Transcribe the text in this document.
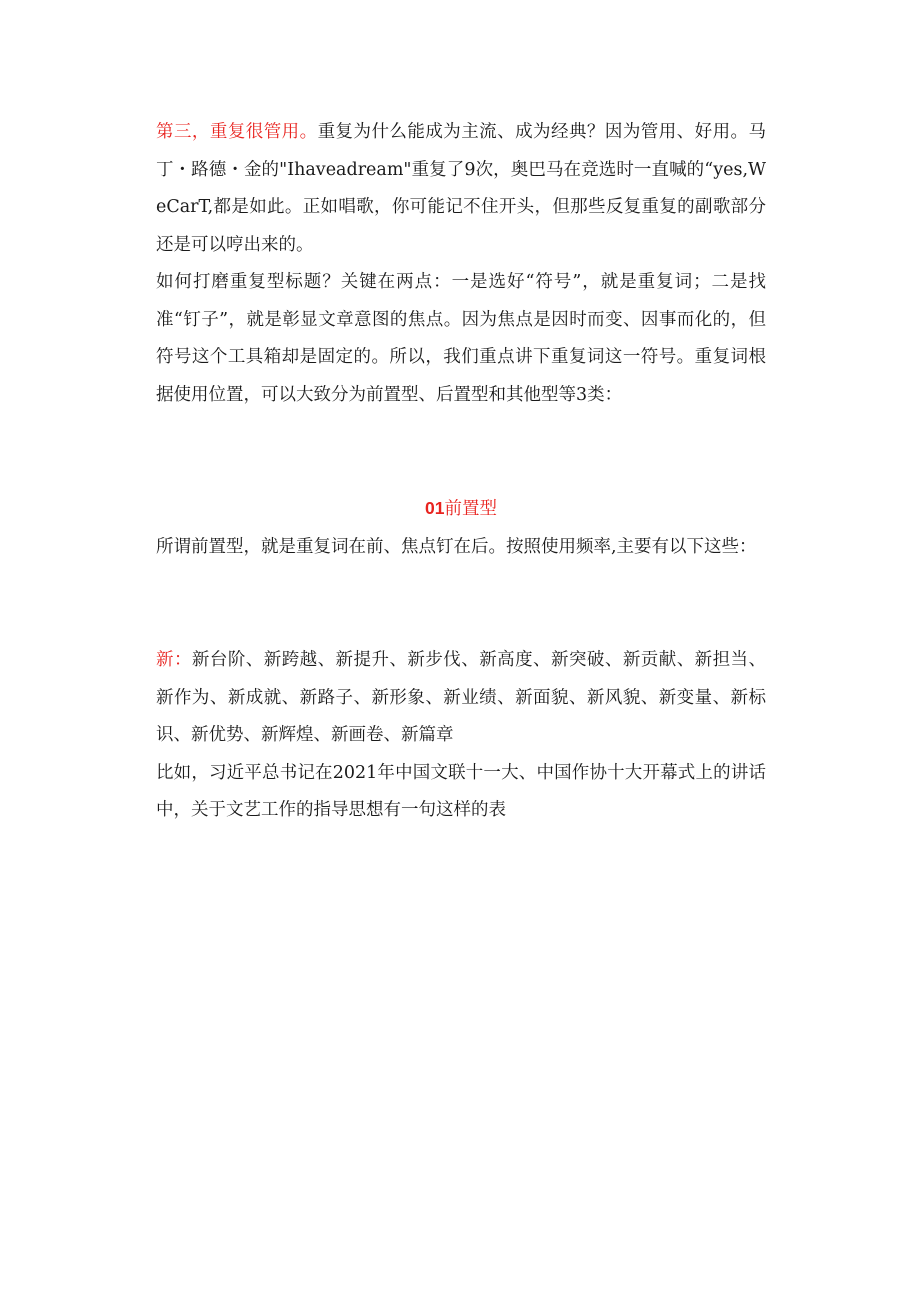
第三，重复很管用。重复为什么能成为主流、成为经典？因为管用、好用。马丁・路德・金的"Ihaveadream"重复了9次，奥巴马在竞选时一直喊的“yes,WeCarT,都是如此。正如唱歌，你可能记不住开头，但那些反复重复的副歌部分还是可以哼出来的。

如何打磨重复型标题？关键在两点：一是选好“符号”，就是重复词；二是找准“钉子”，就是彰显文章意图的焦点。因为焦点是因时而变、因事而化的，但符号这个工具箱却是固定的。所以，我们重点讲下重复词这一符号。重复词根据使用位置，可以大致分为前置型、后置型和其他型等3类：

01前置型

所谓前置型，就是重复词在前、焦点钉在后。按照使用频率,主要有以下这些：

新：新台阶、新跨越、新提升、新步伐、新高度、新突破、新贡献、新担当、新作为、新成就、新路子、新形象、新业绩、新面貌、新风貌、新变量、新标识、新优势、新辉煌、新画卷、新篇章

比如，习近平总书记在2021年中国文联十一大、中国作协十大开幕式上的讲话中，关于文艺工作的指导思想有一句这样的表
